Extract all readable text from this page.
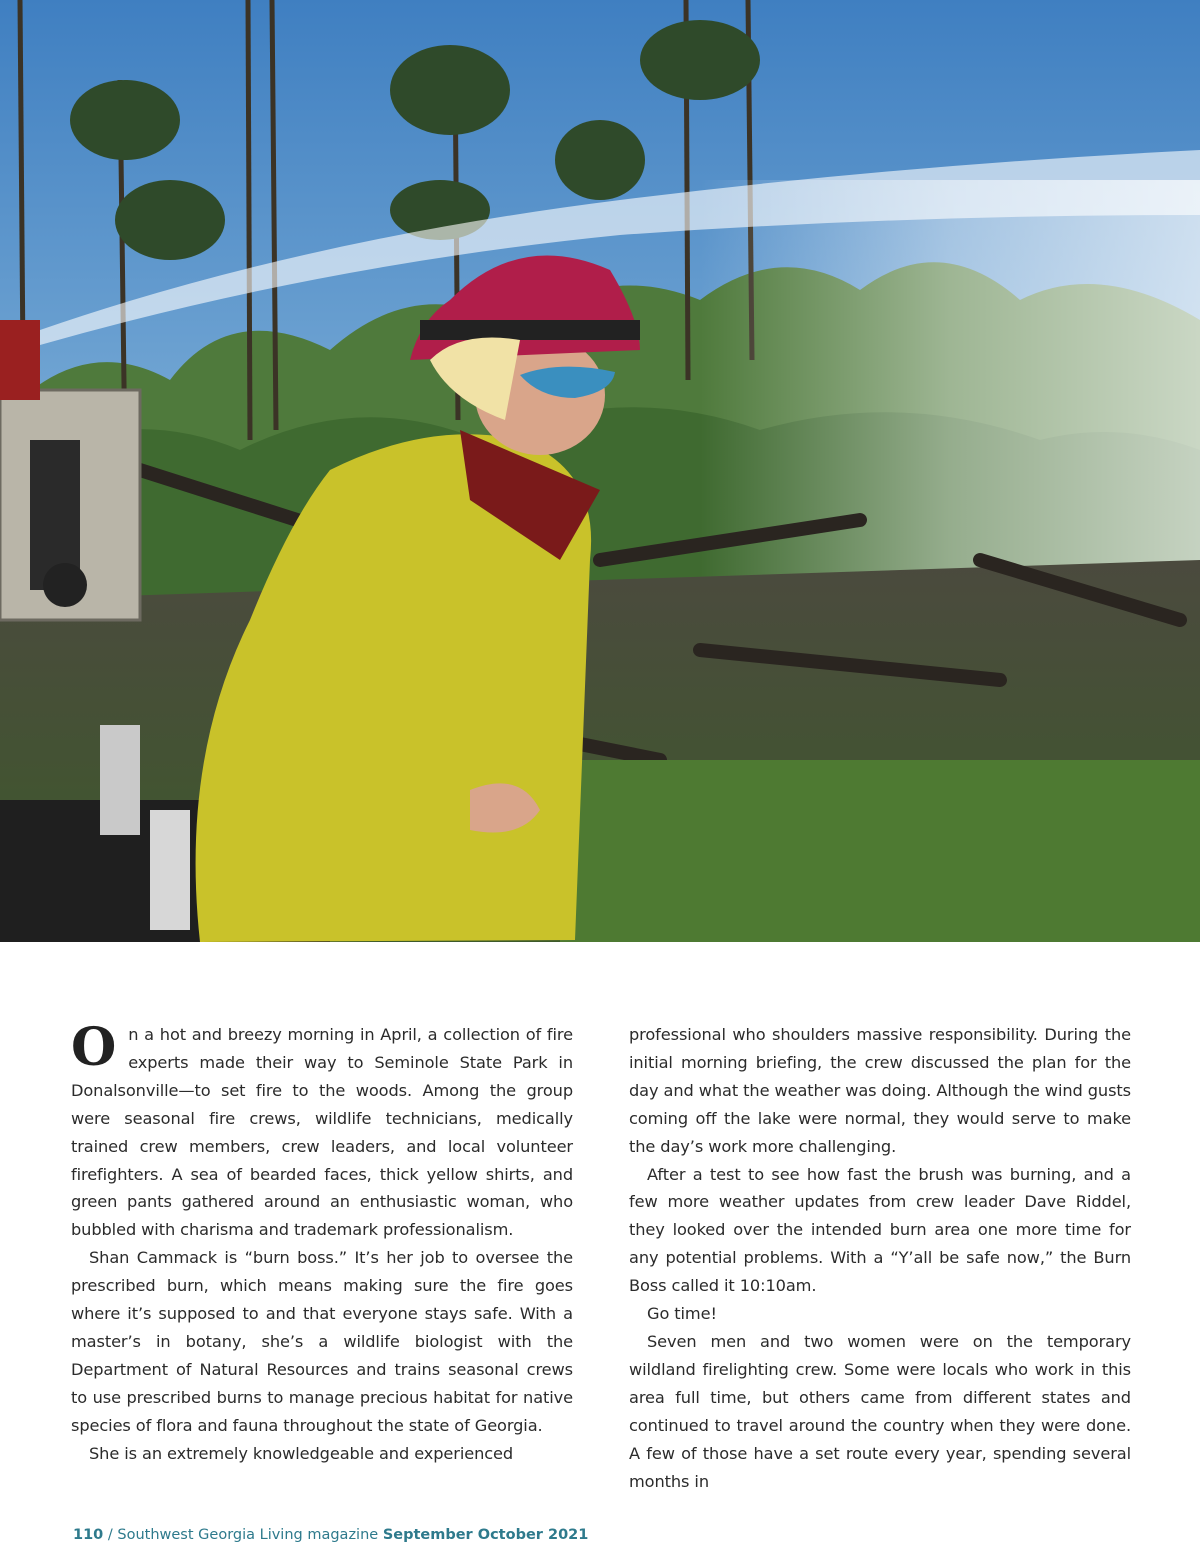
On a hot and breezy morning in April, a collection of fire experts made their way to Seminole State Park in Donalsonville—to set fire to the woods. Among the group were seasonal fire crews, wildlife technicians, medically trained crew members, crew leaders, and local volunteer firefighters. A sea of bearded faces, thick yellow shirts, and green pants gathered around an enthusiastic woman, who bubbled with charisma and trademark professionalism.

Shan Cammack is “burn boss.” It’s her job to oversee the prescribed burn, which means making sure the fire goes where it’s supposed to and that everyone stays safe. With a master’s in botany, she’s a wildlife biologist with the Department of Natural Resources and trains seasonal crews to use prescribed burns to manage precious habitat for native species of flora and fauna throughout the state of Georgia.

She is an extremely knowledgeable and experienced

professional who shoulders massive responsibility. During the initial morning briefing, the crew discussed the plan for the day and what the weather was doing. Although the wind gusts coming off the lake were normal, they would serve to make the day’s work more challenging.

After a test to see how fast the brush was burning, and a few more weather updates from crew leader Dave Riddel, they looked over the intended burn area one more time for any potential problems. With a “Y’all be safe now,” the Burn Boss called it 10:10am.

Go time!

Seven men and two women were on the temporary wildland firelighting crew. Some were locals who work in this area full time, but others came from different states and continued to travel around the country when they were done. A few of those have a set route every year, spending several months in

110 / Southwest Georgia Living magazine September October 2021
